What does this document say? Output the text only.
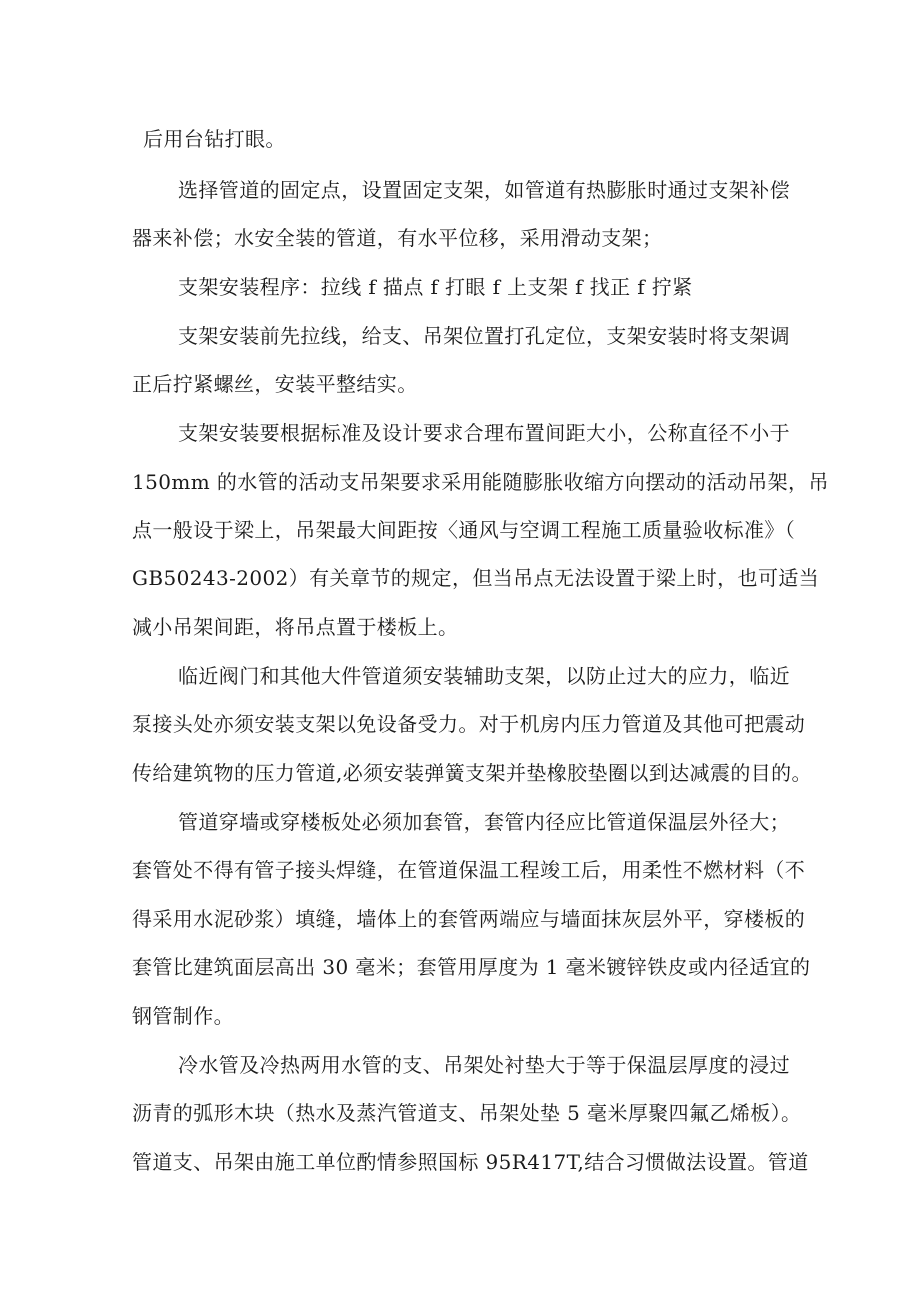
后用台钻打眼。
选择管道的固定点，设置固定支架，如管道有热膨胀时通过支架补偿
器来补偿；水安全装的管道，有水平位移，采用滑动支架；
支架安装程序：拉线 f 描点 f 打眼 f 上支架 f 找正 f 拧紧
支架安装前先拉线，给支、吊架位置打孔定位，支架安装时将支架调
正后拧紧螺丝，安装平整结实。
支架安装要根据标准及设计要求合理布置间距大小，公称直径不小于
150mm 的水管的活动支吊架要求采用能随膨胀收缩方向摆动的活动吊架，吊
点一般设于梁上，吊架最大间距按〈通风与空调工程施工质量验收标准》（
GB50243-2002）有关章节的规定，但当吊点无法设置于梁上时，也可适当
减小吊架间距，将吊点置于楼板上。
临近阀门和其他大件管道须安装辅助支架，以防止过大的应力，临近
泵接头处亦须安装支架以免设备受力。对于机房内压力管道及其他可把震动
传给建筑物的压力管道,必须安装弹簧支架并垫橡胶垫圈以到达减震的目的。
管道穿墙或穿楼板处必须加套管，套管内径应比管道保温层外径大；
套管处不得有管子接头焊缝，在管道保温工程竣工后，用柔性不燃材料（不
得采用水泥砂浆）填缝，墙体上的套管两端应与墙面抹灰层外平，穿楼板的
套管比建筑面层高出 30 毫米；套管用厚度为 1 毫米镀锌铁皮或内径适宜的
钢管制作。
冷水管及冷热两用水管的支、吊架处衬垫大于等于保温层厚度的浸过
沥青的弧形木块（热水及蒸汽管道支、吊架处垫 5 毫米厚聚四氟乙烯板）。
管道支、吊架由施工单位酌情参照国标 95R417T,结合习惯做法设置。管道
